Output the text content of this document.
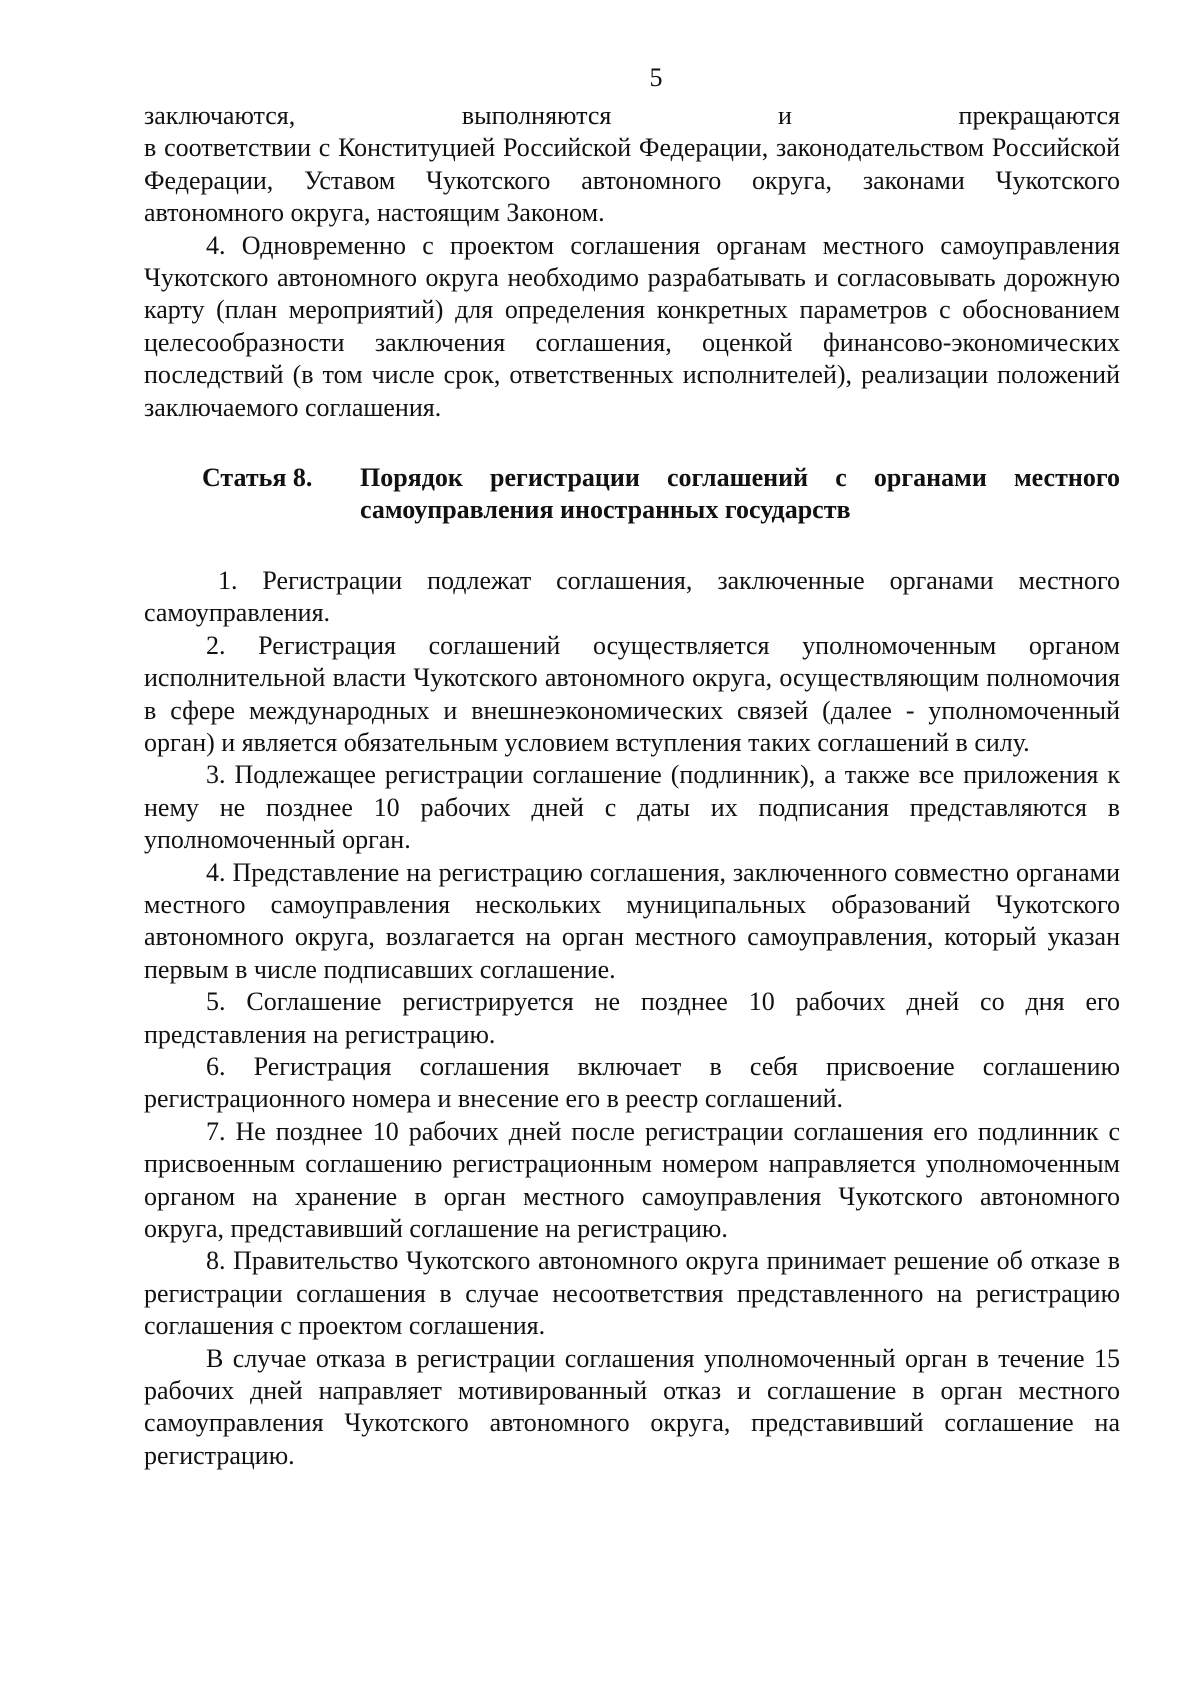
5

заключаются, выполняются и прекращаются
в соответствии с Конституцией Российской Федерации, законодательством Российской Федерации, Уставом Чукотского автономного округа, законами Чукотского автономного округа, настоящим Законом.

4. Одновременно с проектом соглашения органам местного самоуправления Чукотского автономного округа необходимо разрабатывать и согласовывать дорожную карту (план мероприятий) для определения конкретных параметров с обоснованием целесообразности заключения соглашения, оценкой финансово-экономических последствий (в том числе срок, ответственных исполнителей), реализации положений заключаемого соглашения.

Статья 8.	Порядок регистрации соглашений с органами местного самоуправления иностранных государств

1. Регистрации подлежат соглашения, заключенные органами местного самоуправления.

2. Регистрация соглашений осуществляется уполномоченным органом исполнительной власти Чукотского автономного округа, осуществляющим полномочия в сфере международных и внешнеэкономических связей (далее - уполномоченный орган) и является обязательным условием вступления таких соглашений в силу.

3. Подлежащее регистрации соглашение (подлинник), а также все приложения к нему не позднее 10 рабочих дней с даты их подписания представляются в уполномоченный орган.

4. Представление на регистрацию соглашения, заключенного совместно органами местного самоуправления нескольких муниципальных образований Чукотского автономного округа, возлагается на орган местного самоуправления, который указан первым в числе подписавших соглашение.

5. Соглашение регистрируется не позднее 10 рабочих дней со дня его представления на регистрацию.

6. Регистрация соглашения включает в себя присвоение соглашению регистрационного номера и внесение его в реестр соглашений.

7. Не позднее 10 рабочих дней после регистрации соглашения его подлинник с присвоенным соглашению регистрационным номером направляется уполномоченным органом на хранение в орган местного самоуправления Чукотского автономного округа, представивший соглашение на регистрацию.

8. Правительство Чукотского автономного округа принимает решение об отказе в регистрации соглашения в случае несоответствия представленного на регистрацию соглашения с проектом соглашения.

В случае отказа в регистрации соглашения уполномоченный орган в течение 15 рабочих дней направляет мотивированный отказ и соглашение в орган местного самоуправления Чукотского автономного округа, представивший соглашение на регистрацию.
